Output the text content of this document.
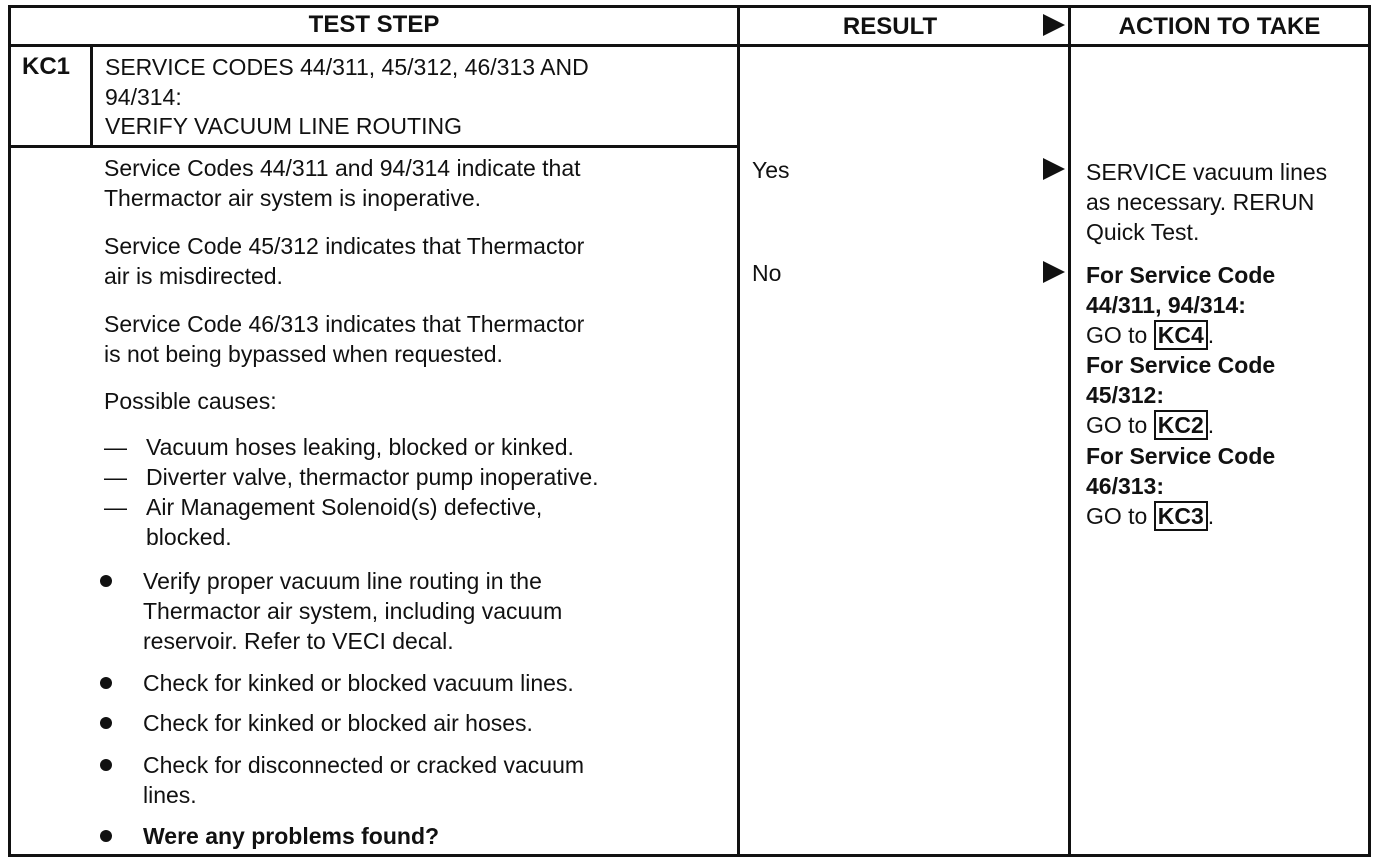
TEST STEP	RESULT	ACTION TO TAKE
KC1 SERVICE CODES 44/311, 45/312, 46/313 AND
94/314:
VERIFY VACUUM LINE ROUTING
Service Codes 44/311 and 94/314 indicate that
Thermactor air system is inoperative.
Service Code 45/312 indicates that Thermactor
air is misdirected.
Service Code 46/313 indicates that Thermactor
is not being bypassed when requested.
Possible causes:
— Vacuum hoses leaking, blocked or kinked.
— Diverter valve, thermactor pump inoperative.
— Air Management Solenoid(s) defective,
blocked.
Verify proper vacuum line routing in the
Thermactor air system, including vacuum
reservoir. Refer to VECI decal.
Check for kinked or blocked vacuum lines.
Check for kinked or blocked air hoses.
Check for disconnected or cracked vacuum
lines.
Were any problems found?
Yes
No
SERVICE vacuum lines
as necessary. RERUN
Quick Test.
For Service Code
44/311, 94/314:
GO to KC4 .
For Service Code
45/312:
GO to KC2 .
For Service Code
46/313:
GO to KC3 .
